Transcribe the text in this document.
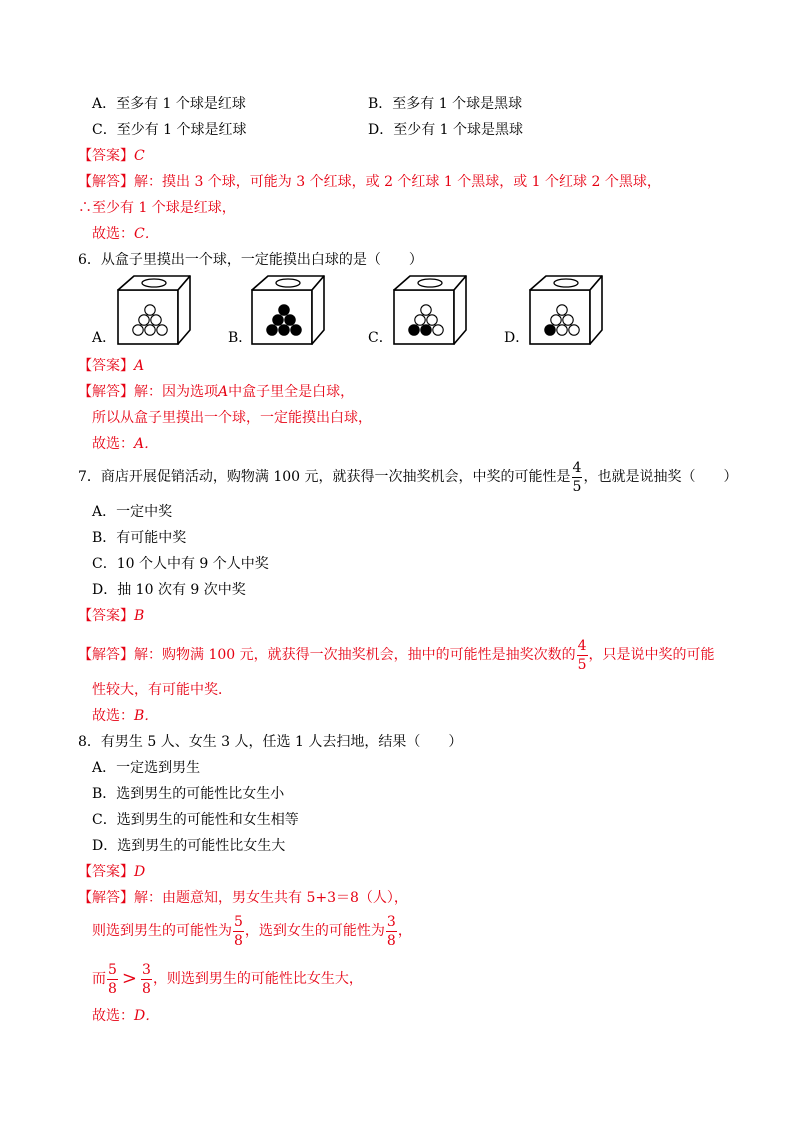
A．至多有 1 个球是红球	B．至多有 1 个球是黑球
C．至少有 1 个球是红球	D．至少有 1 个球是黑球
【答案】C
【解答】解：摸出 3 个球，可能为 3 个红球，或 2 个红球 1 个黑球，或 1 个红球 2 个黑球，
∴至少有 1 个球是红球，
故选：C．
6．从盒子里摸出一个球，一定能摸出白球的是（　　）
A．	B．	C．	D．
【答案】A
【解答】解：因为选项A中盒子里全是白球，
所以从盒子里摸出一个球，一定能摸出白球，
故选：A．
7．商店开展促销活动，购物满 100 元，就获得一次抽奖机会，中奖的可能性是 $\frac{4}{5}$ ，也就是说抽奖（　　）
A．一定中奖
B．有可能中奖
C．10 个人中有 9 个人中奖
D．抽 10 次有 9 次中奖
【答案】B
【解答】解：购物满 100 元，就获得一次抽奖机会，抽中的可能性是抽奖次数的 $\frac{4}{5}$ ，只是说中奖的可能
性较大，有可能中奖．
故选：B．
8．有男生 5 人、女生 3 人，任选 1 人去扫地，结果（　　）
A．一定选到男生
B．选到男生的可能性比女生小
C．选到男生的可能性和女生相等
D．选到男生的可能性比女生大
【答案】D
【解答】解：由题意知，男女生共有 5+3＝8（人），
则选到男生的可能性为 $\frac{5}{8}$ ，选到女生的可能性为 $\frac{3}{8}$ ，
而 $\frac{5}{8} > \frac{3}{8}$ ，则选到男生的可能性比女生大，
故选：D．
